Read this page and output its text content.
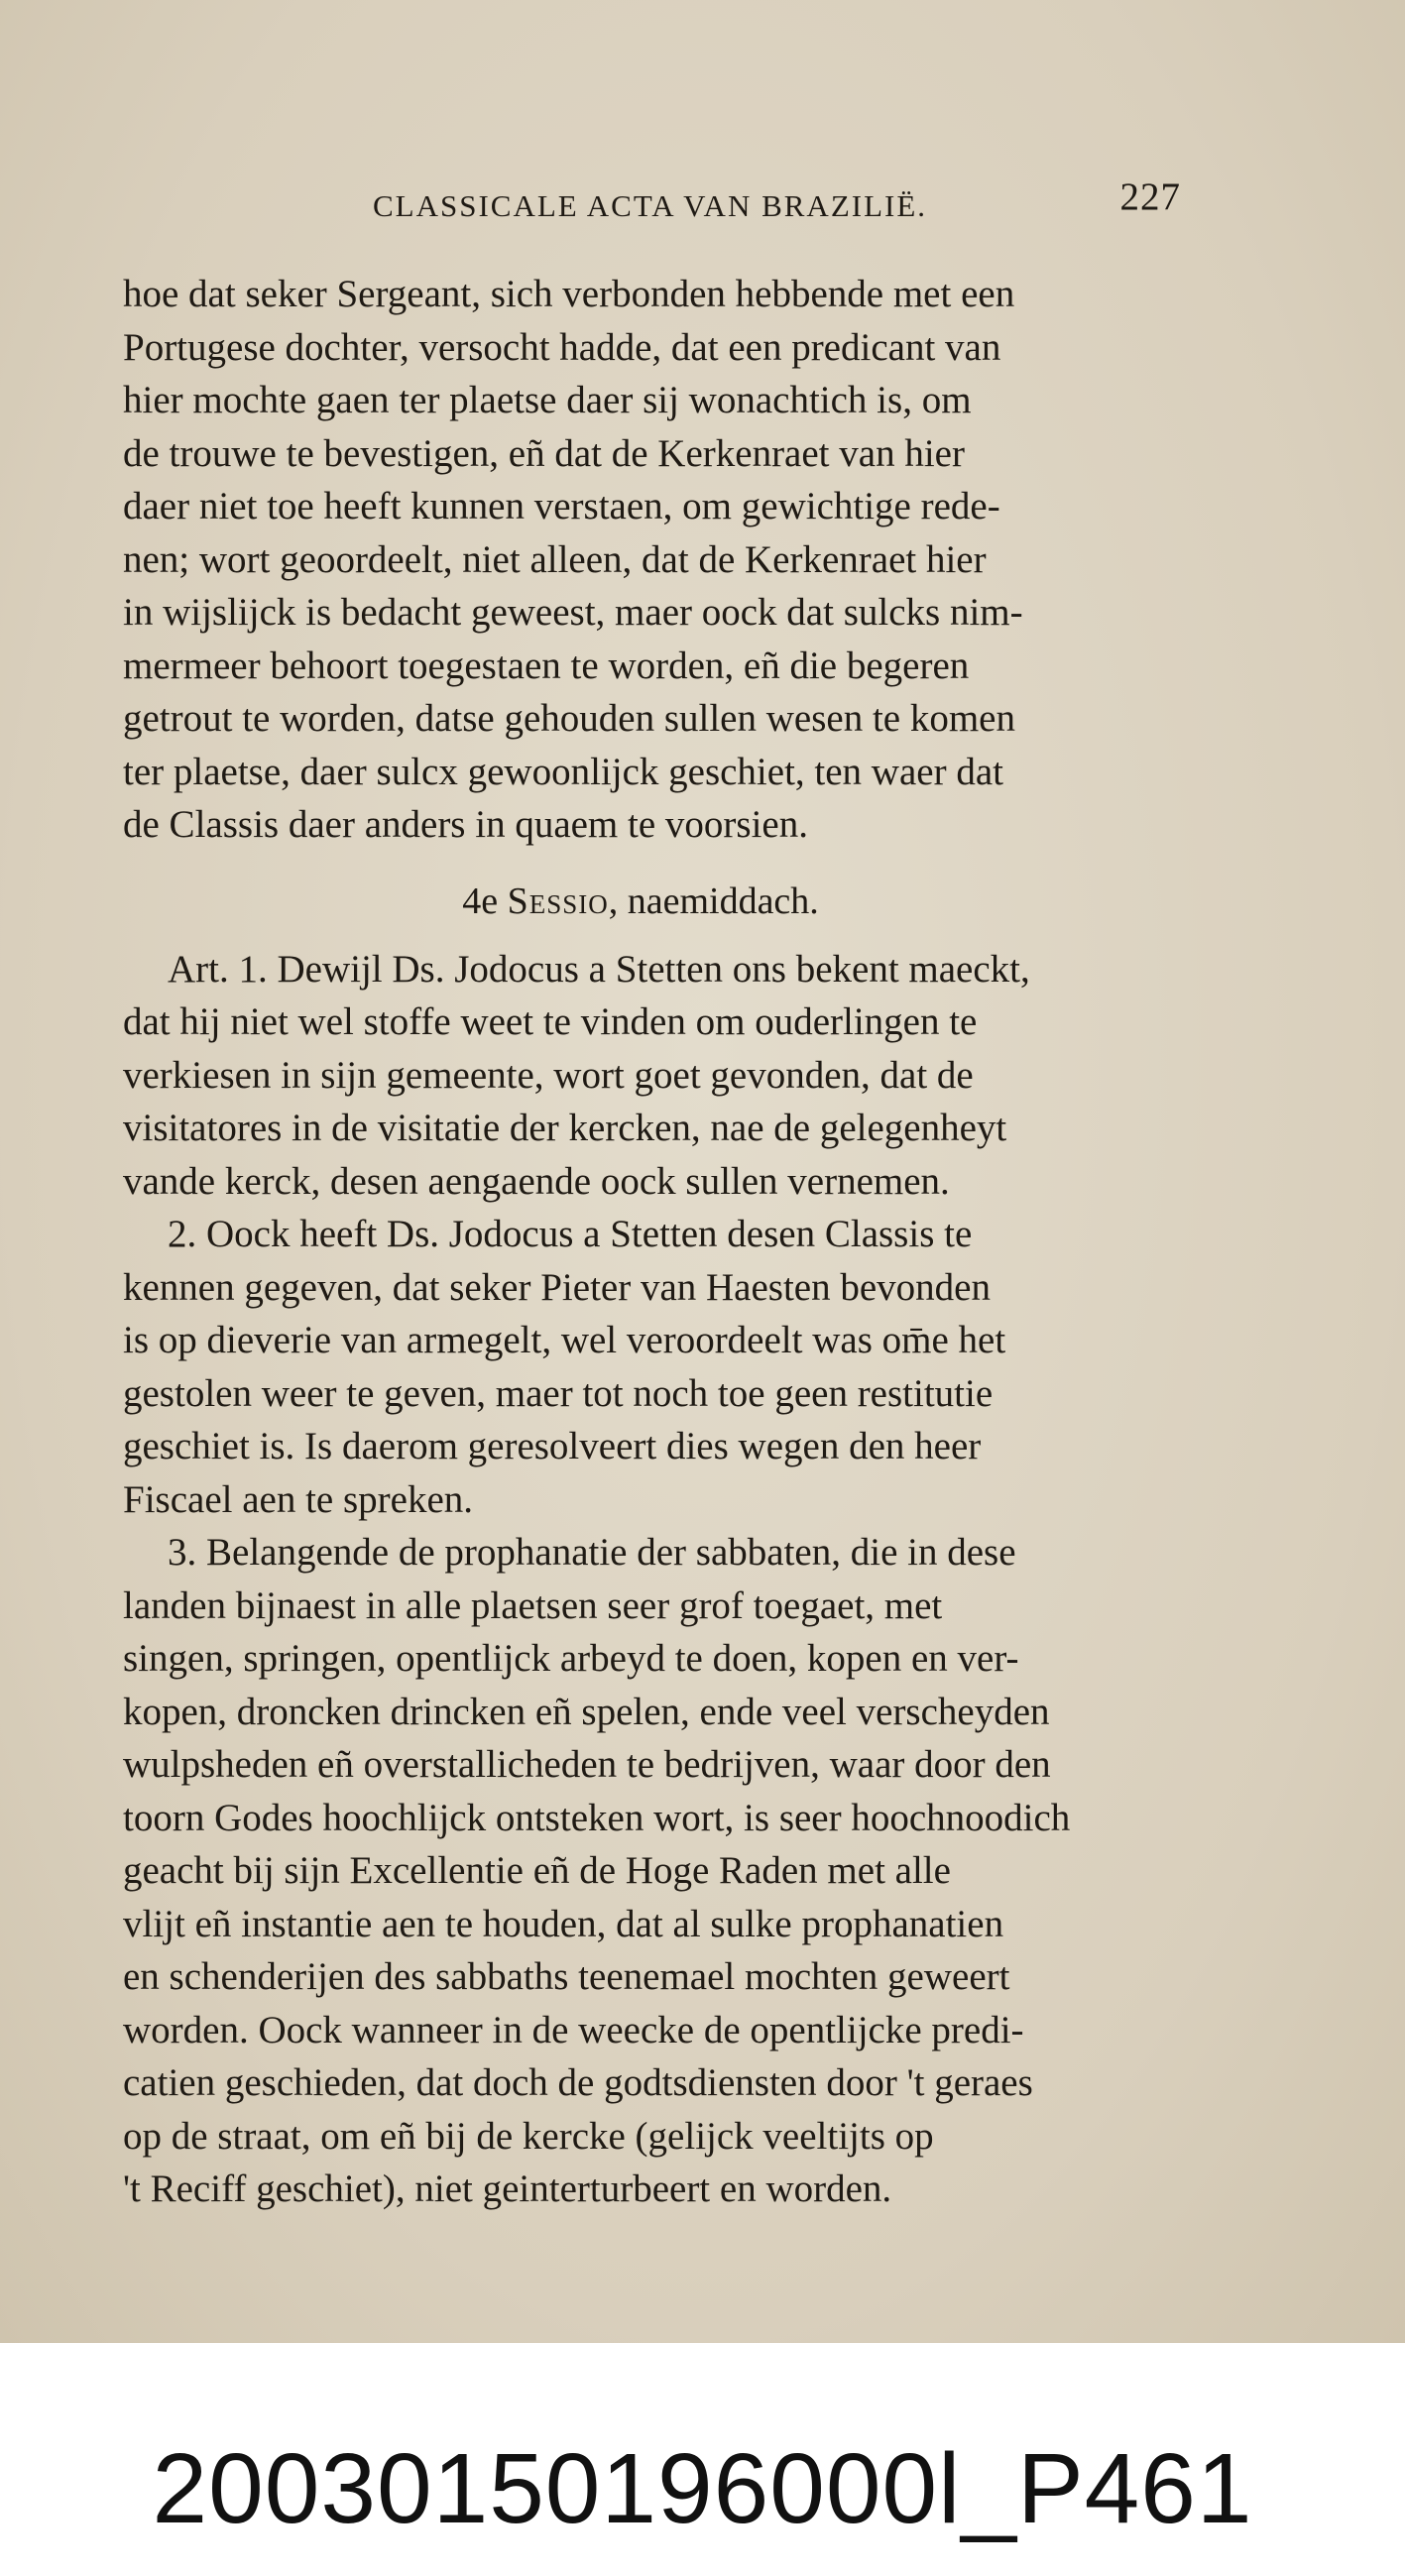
CLASSICALE ACTA VAN BRAZILIË.	227

hoe dat seker Sergeant, sich verbonden hebbende met een
Portugese dochter, versocht hadde, dat een predicant van
hier mochte gaen ter plaetse daer sij wonachtich is, om
de trouwe te bevestigen, eñ dat de Kerkenraet van hier
daer niet toe heeft kunnen verstaen, om gewichtige rede-
nen; wort geoordeelt, niet alleen, dat de Kerkenraet hier
in wijslijck is bedacht geweest, maer oock dat sulcks nim-
mermeer behoort toegestaen te worden, eñ die begeren
getrout te worden, datse gehouden sullen wesen te komen
ter plaetse, daer sulcx gewoonlijck geschiet, ten waer dat
de Classis daer anders in quaem te voorsien.

4e Sessio, naemiddach.

Art. 1. Dewijl Ds. Jodocus a Stetten ons bekent maeckt,
dat hij niet wel stoffe weet te vinden om ouderlingen te
verkiesen in sijn gemeente, wort goet gevonden, dat de
visitatores in de visitatie der kercken, nae de gelegenheyt
vande kerck, desen aengaende oock sullen vernemen.

2. Oock heeft Ds. Jodocus a Stetten desen Classis te
kennen gegeven, dat seker Pieter van Haesten bevonden
is op dieverie van armegelt, wel veroordeelt was om̄e het
gestolen weer te geven, maer tot noch toe geen restitutie
geschiet is. Is daerom geresolveert dies wegen den heer
Fiscael aen te spreken.

3. Belangende de prophanatie der sabbaten, die in dese
landen bijnaest in alle plaetsen seer grof toegaet, met
singen, springen, opentlijck arbeyd te doen, kopen en ver-
kopen, droncken drincken eñ spelen, ende veel verscheyden
wulpsheden eñ overstallicheden te bedrijven, waar door den
toorn Godes hoochlijck ontsteken wort, is seer hoochnoodich
geacht bij sijn Excellentie eñ de Hoge Raden met alle
vlijt eñ instantie aen te houden, dat al sulke prophanatien
en schenderijen des sabbaths teenemael mochten geweert
worden. Oock wanneer in de weecke de opentlijcke predi-
catien geschieden, dat doch de godtsdiensten door 't geraes
op de straat, om eñ bij de kercke (gelijck veeltijts op
't Reciff geschiet), niet geinterturbeert en worden.

20030150196000l_P461
